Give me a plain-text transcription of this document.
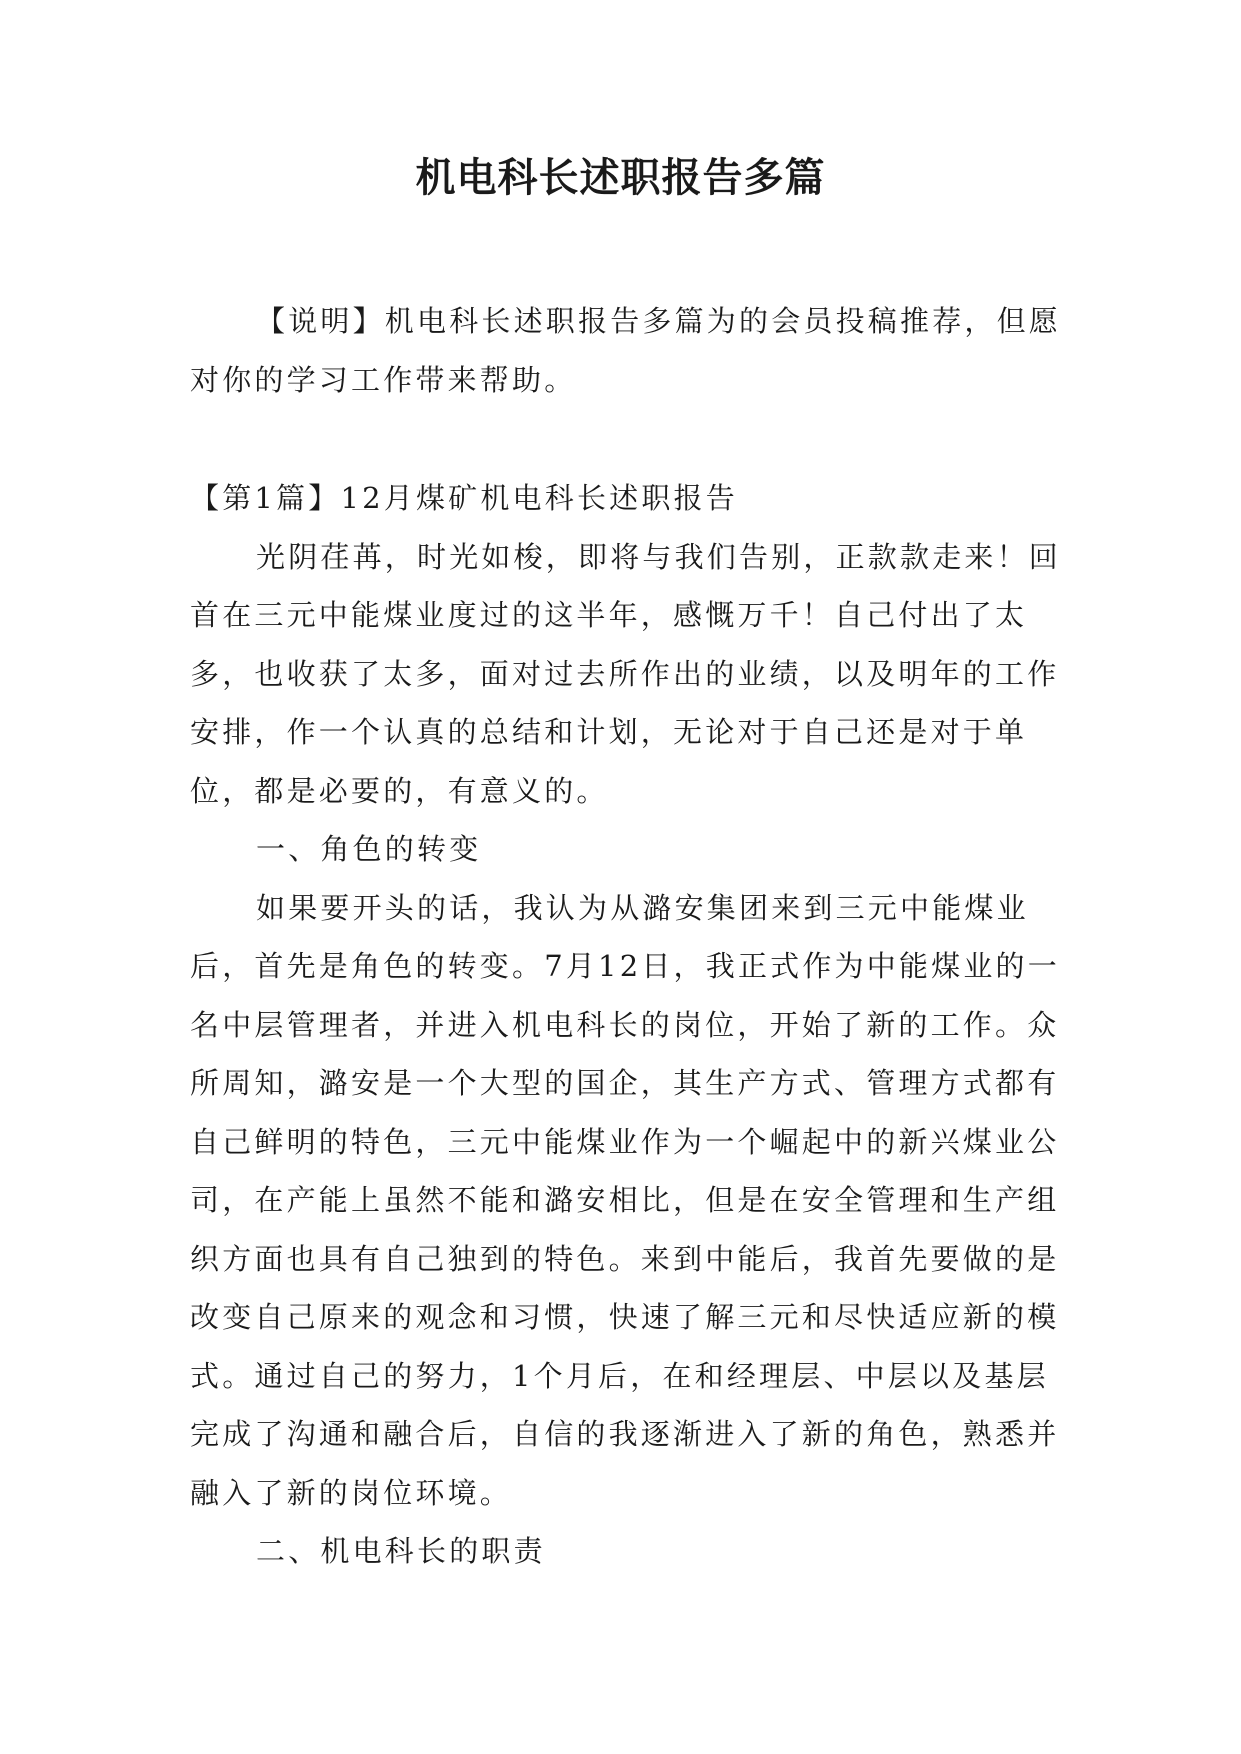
机电科长述职报告多篇

【说明】机电科长述职报告多篇为的会员投稿推荐，但愿对你的学习工作带来帮助。

【第1篇】12月煤矿机电科长述职报告

光阴荏苒，时光如梭，即将与我们告别，正款款走来！回首在三元中能煤业度过的这半年，感慨万千！自己付出了太多，也收获了太多，面对过去所作出的业绩，以及明年的工作安排，作一个认真的总结和计划，无论对于自己还是对于单位，都是必要的，有意义的。

一、角色的转变

如果要开头的话，我认为从潞安集团来到三元中能煤业后，首先是角色的转变。7月12日，我正式作为中能煤业的一名中层管理者，并进入机电科长的岗位，开始了新的工作。众所周知，潞安是一个大型的国企，其生产方式、管理方式都有自己鲜明的特色，三元中能煤业作为一个崛起中的新兴煤业公司，在产能上虽然不能和潞安相比，但是在安全管理和生产组织方面也具有自己独到的特色。来到中能后，我首先要做的是改变自己原来的观念和习惯，快速了解三元和尽快适应新的模式。通过自己的努力，1个月后，在和经理层、中层以及基层完成了沟通和融合后，自信的我逐渐进入了新的角色，熟悉并融入了新的岗位环境。

二、机电科长的职责
